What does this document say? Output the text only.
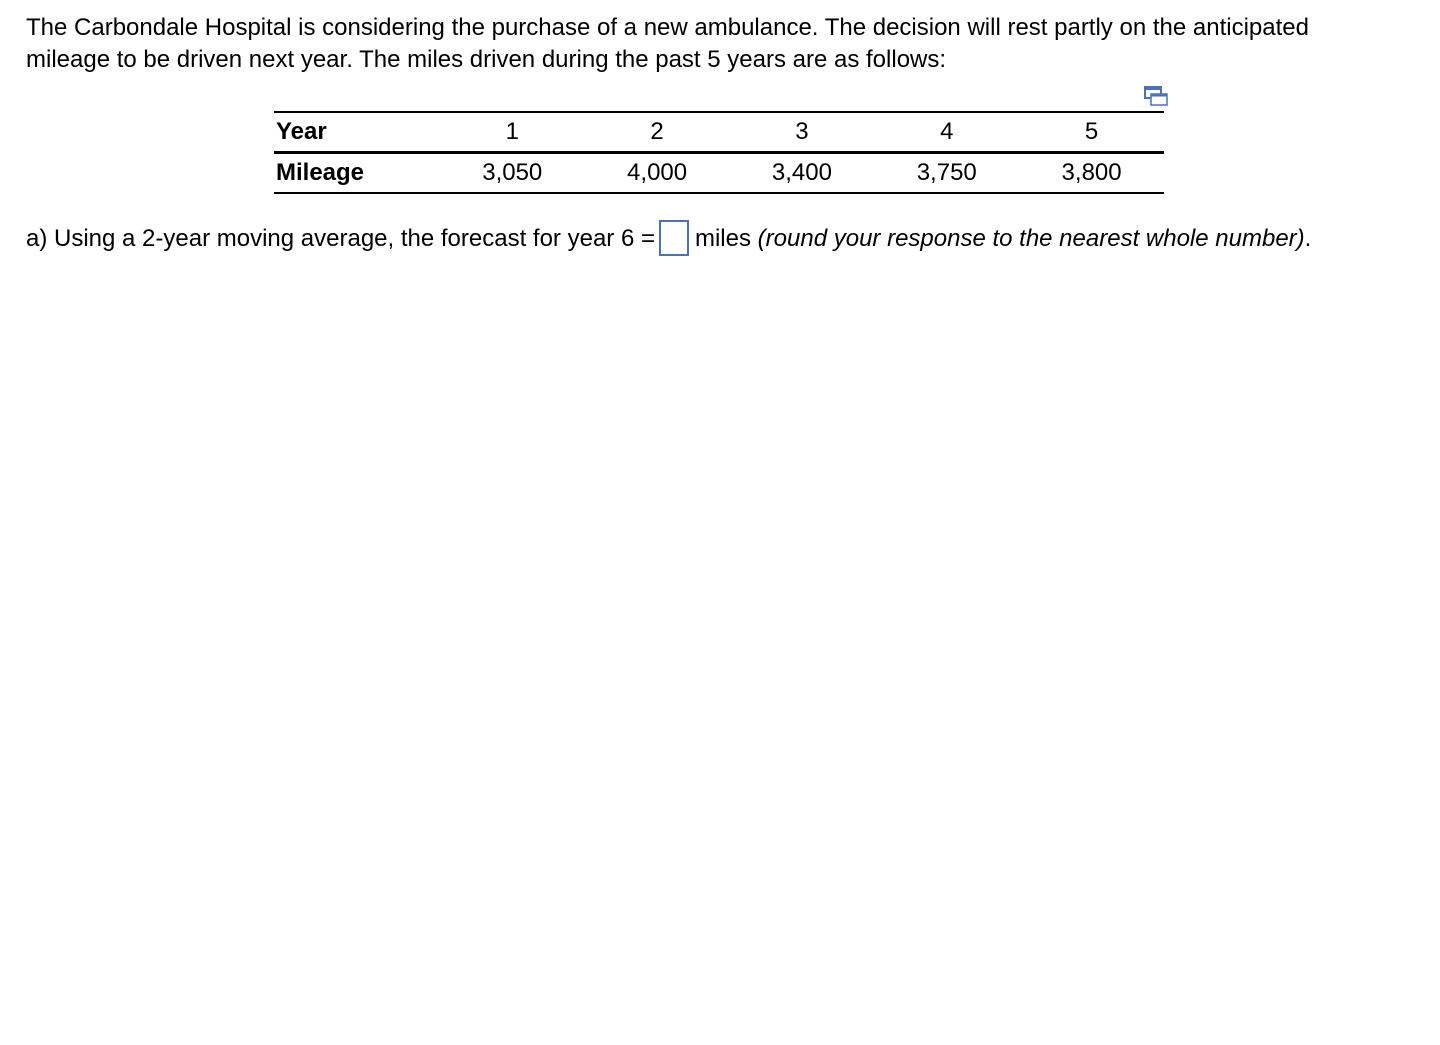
The Carbondale Hospital is considering the purchase of a new ambulance. The decision will rest partly on the anticipated mileage to be driven next year. The miles driven during the past 5 years are as follows:

Year	1	2	3	4	5
Mileage	3,050	4,000	3,400	3,750	3,800

a) Using a 2-year moving average, the forecast for year 6 = miles (round your response to the nearest whole number).
